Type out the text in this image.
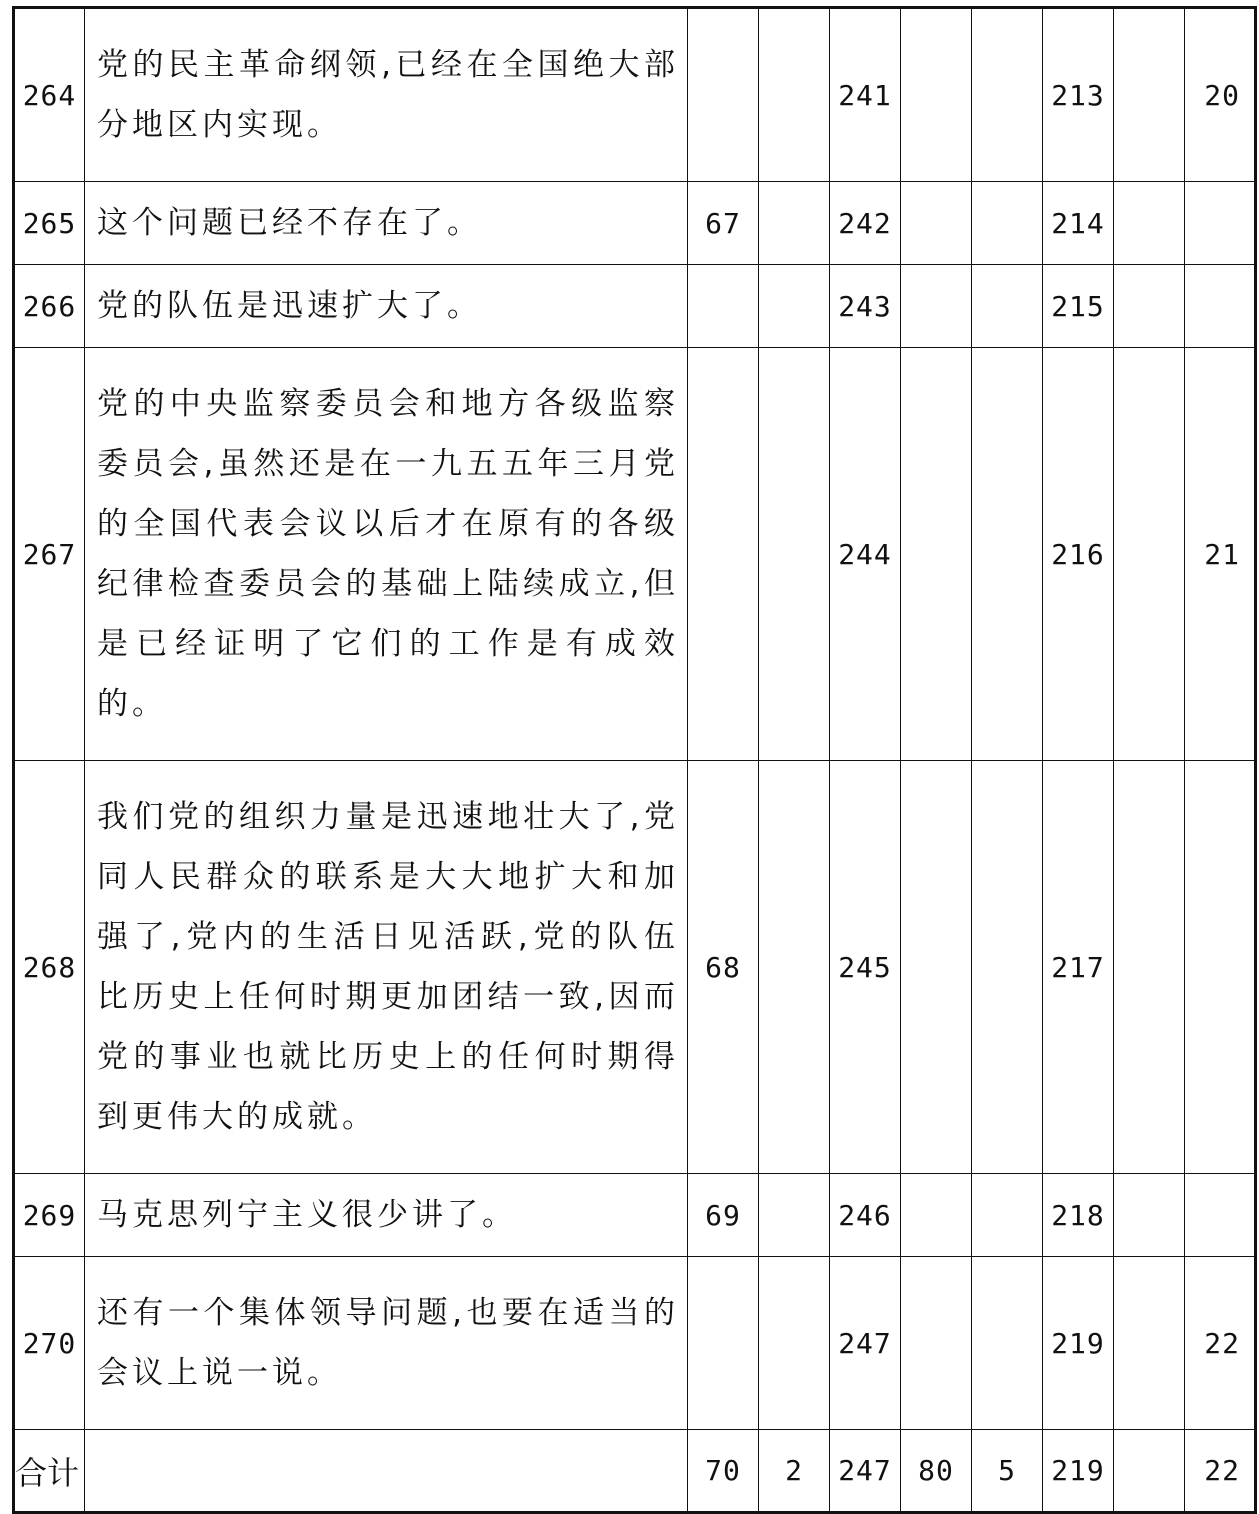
264	党的民主革命纲领,已经在全国绝大部分地区内实现。			241			213		20
265	这个问题已经不存在了。	67		242			214		
266	党的队伍是迅速扩大了。			243			215		
267	党的中央监察委员会和地方各级监察委员会,虽然还是在一九五五年三月党的全国代表会议以后才在原有的各级纪律检查委员会的基础上陆续成立,但是已经证明了它们的工作是有成效的。			244			216		21
268	我们党的组织力量是迅速地壮大了,党同人民群众的联系是大大地扩大和加强了,党内的生活日见活跃,党的队伍比历史上任何时期更加团结一致,因而党的事业也就比历史上的任何时期得到更伟大的成就。	68		245			217		
269	马克思列宁主义很少讲了。	69		246			218		
270	还有一个集体领导问题,也要在适当的会议上说一说。			247			219		22
合计		70	2	247	80	5	219		22
